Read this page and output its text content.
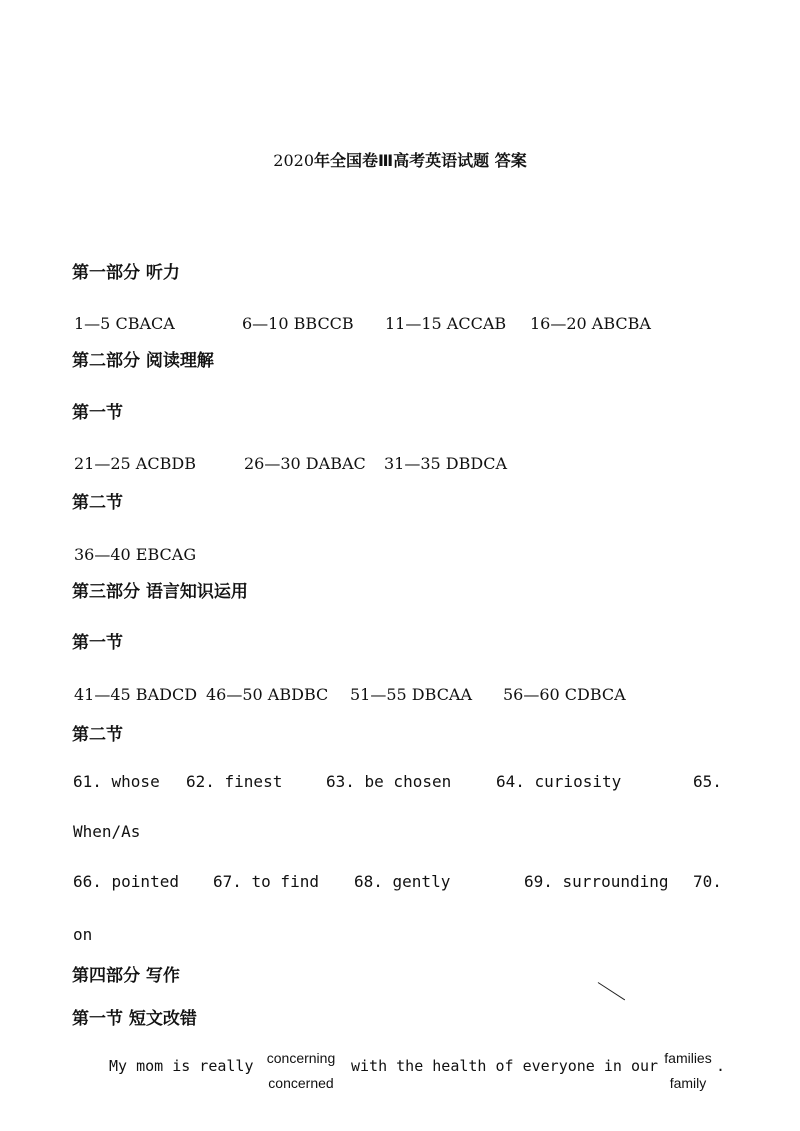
2020年全国卷Ⅲ高考英语试题 答案
第一部分 听力
1—5 CBACA	6—10 BBCCB 11—15 ACCAB 16—20 ABCBA
第二部分 阅读理解
第一节
21—25 ACBDB	26—30 DABAC 31—35 DBDCA
第二节
36—40 EBCAG
第三部分 语言知识运用
第一节
41—45 BADCD 46—50 ABDBC 51—55 DBCAA 56—60 CDBCA
第二节
61. whose 62. finest	63. be chosen	64. curiosity	65.
When/As
66. pointed 67. to find 68. gently	69. surrounding 70.
on
第四部分 写作
第一节 短文改错
My mom is really concerning
concerned
with the health of everyone in our families
family
.
